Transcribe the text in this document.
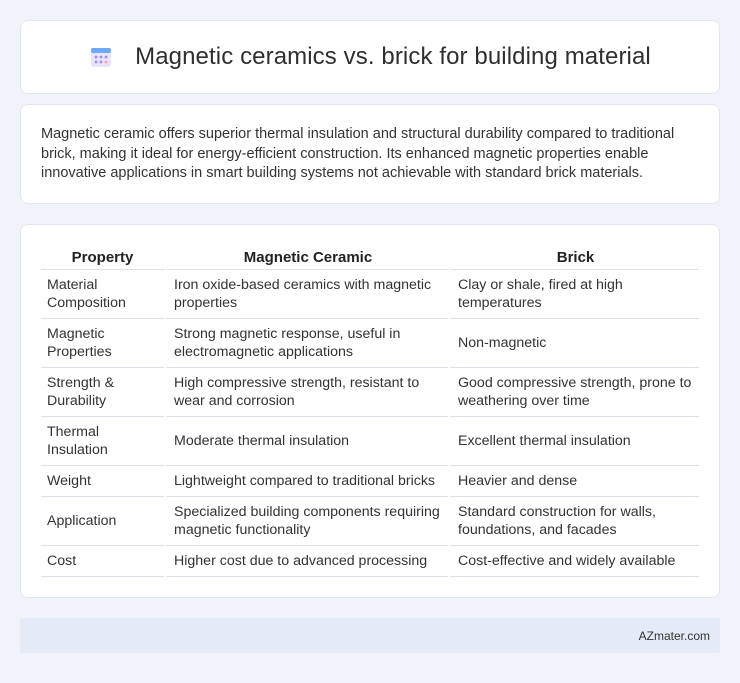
Magnetic ceramics vs. brick for building material

Magnetic ceramic offers superior thermal insulation and structural durability compared to traditional brick, making it ideal for energy-efficient construction. Its enhanced magnetic properties enable innovative applications in smart building systems not achievable with standard brick materials.

Property	Magnetic Ceramic	Brick
Material Composition	Iron oxide-based ceramics with magnetic properties	Clay or shale, fired at high temperatures
Magnetic Properties	Strong magnetic response, useful in electromagnetic applications	Non-magnetic
Strength & Durability	High compressive strength, resistant to wear and corrosion	Good compressive strength, prone to weathering over time
Thermal Insulation	Moderate thermal insulation	Excellent thermal insulation
Weight	Lightweight compared to traditional bricks	Heavier and dense
Application	Specialized building components requiring magnetic functionality	Standard construction for walls, foundations, and facades
Cost	Higher cost due to advanced processing	Cost-effective and widely available
AZmater.com
